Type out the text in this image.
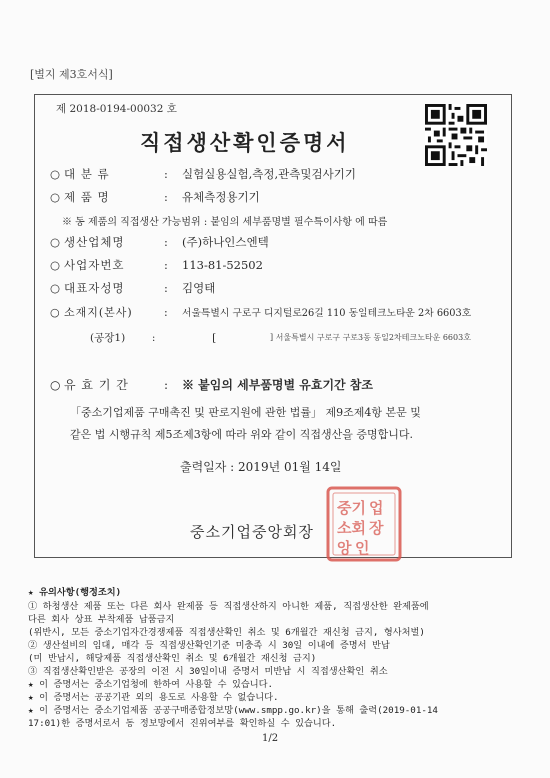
[별지 제3호서식]
제 2018-0194-00032 호
직접생산확인증명서
○ 대 분 류	: 실험실용실험,측정,관측및검사기기
○ 제 품 명	: 유체측정용기기
※ 동 제품의 직접생산 가능범위 : 붙임의 세부품명별 필수특이사항 에 따름
○ 생산업체명	: (주)하나인스엔텍
○ 사업자번호	: 113-81-52502
○ 대표자성명	: 김영태
○ 소재지(본사)	: 서울특별시 구로구 디지털로26길 110 동일테크노타운 2차 6603호
(공장1)	:	[	] 서울특별시 구로구 구로3동 동일2차테크노타운 6603호
○ 유 효 기 간	: ※ 붙임의 세부품명별 유효기간 참조
「중소기업제품 구매촉진 및 판로지원에 관한 법률」 제9조제4항 본문 및
같은 법 시행규칙 제5조제3항에 따라 위와 같이 직접생산을 증명합니다.
출력일자 : 2019년 01월 14일
중소기업중앙회장
중기 업
소회 장
앙 인
★ 유의사항(행정조치)
① 하청생산 제품 또는 다른 회사 완제품 등 직접생산하지 아니한 제품, 직접생산한 완제품에
다른 회사 상표 부착제품 납품금지
(위반시, 모든 중소기업자간경쟁제품 직접생산확인 취소 및 6개월간 재신청 금지, 형사처벌)
② 생산설비의 임대, 매각 등 직접생산확인기준 미충족 시 30일 이내에 증명서 반납
(미 반납시, 해당제품 직접생산확인 취소 및 6개월간 재신청 금지)
③ 직접생산확인받은 공장의 이전 시 30일이내 증명서 미반납 시 직접생산확인 취소
★ 이 증명서는 중소기업청에 한하여 사용할 수 있습니다.
★ 이 증명서는 공공기관 외의 용도로 사용할 수 없습니다.
★ 이 증명서는 중소기업제품 공공구매종합정보망(www.smpp.go.kr)을 통해 출력(2019-01-14
17:01)한 증명서로서 동 정보망에서 진위여부를 확인하실 수 있습니다.
1/2
